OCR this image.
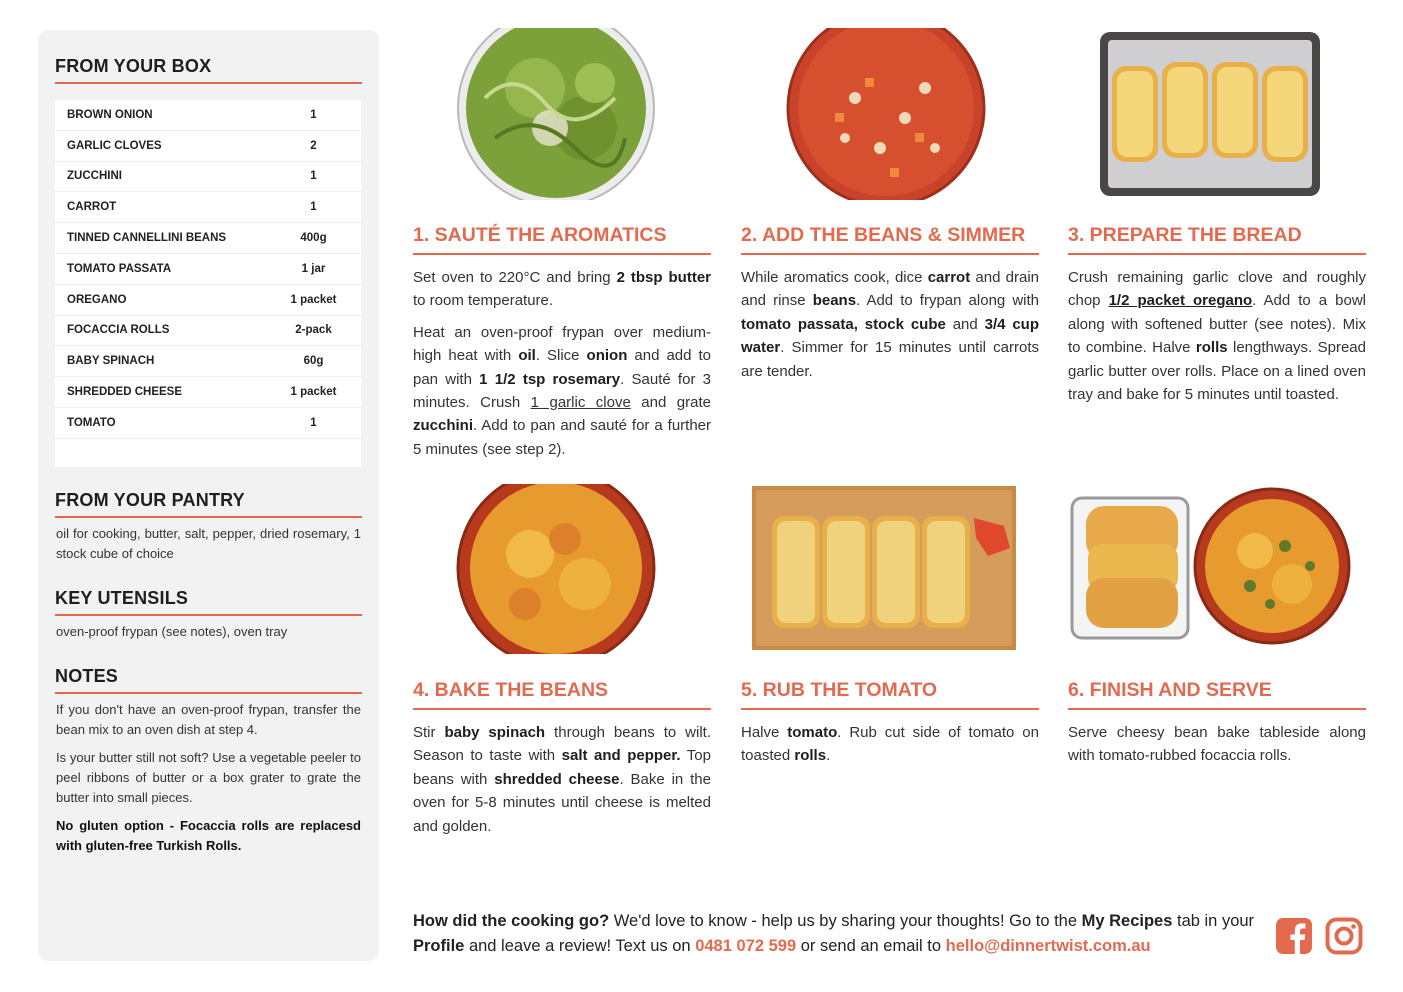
FROM YOUR BOX
BROWN ONION	1
GARLIC CLOVES	2
ZUCCHINI	1
CARROT	1
TINNED CANNELLINI BEANS	400g
TOMATO PASSATA	1 jar
OREGANO	1 packet
FOCACCIA ROLLS	2-pack
BABY SPINACH	60g
SHREDDED CHEESE	1 packet
TOMATO	1
FROM YOUR PANTRY
oil for cooking, butter, salt, pepper, dried rosemary, 1 stock cube of choice
KEY UTENSILS
oven-proof frypan (see notes), oven tray
NOTES
If you don't have an oven-proof frypan, transfer the bean mix to an oven dish at step 4.
Is your butter still not soft? Use a vegetable peeler to peel ribbons of butter or a box grater to grate the butter into small pieces.
No gluten option - Focaccia rolls are replacesd with gluten-free Turkish Rolls.
1. SAUTÉ THE AROMATICS

Set oven to 220°C and bring 2 tbsp butter to room temperature.

Heat an oven-proof frypan over medium-high heat with oil. Slice onion and add to pan with 1 1/2 tsp rosemary. Sauté for 3 minutes. Crush 1 garlic clove and grate zucchini. Add to pan and sauté for a further 5 minutes (see step 2).

2. ADD THE BEANS & SIMMER

While aromatics cook, dice carrot and drain and rinse beans. Add to frypan along with tomato passata, stock cube and 3/4 cup water. Simmer for 15 minutes until carrots are tender.

3. PREPARE THE BREAD

Crush remaining garlic clove and roughly chop 1/2 packet oregano. Add to a bowl along with softened butter (see notes). Mix to combine. Halve rolls lengthways. Spread garlic butter over rolls. Place on a lined oven tray and bake for 5 minutes until toasted.

4. BAKE THE BEANS

Stir baby spinach through beans to wilt. Season to taste with salt and pepper. Top beans with shredded cheese. Bake in the oven for 5-8 minutes until cheese is melted and golden.

5. RUB THE TOMATO

Halve tomato. Rub cut side of tomato on toasted rolls.

6. FINISH AND SERVE

Serve cheesy bean bake tableside along with tomato-rubbed focaccia rolls.

How did the cooking go? We'd love to know - help us by sharing your thoughts! Go to the My Recipes tab in your Profile and leave a review! Text us on 0481 072 599 or send an email to hello@dinnertwist.com.au
